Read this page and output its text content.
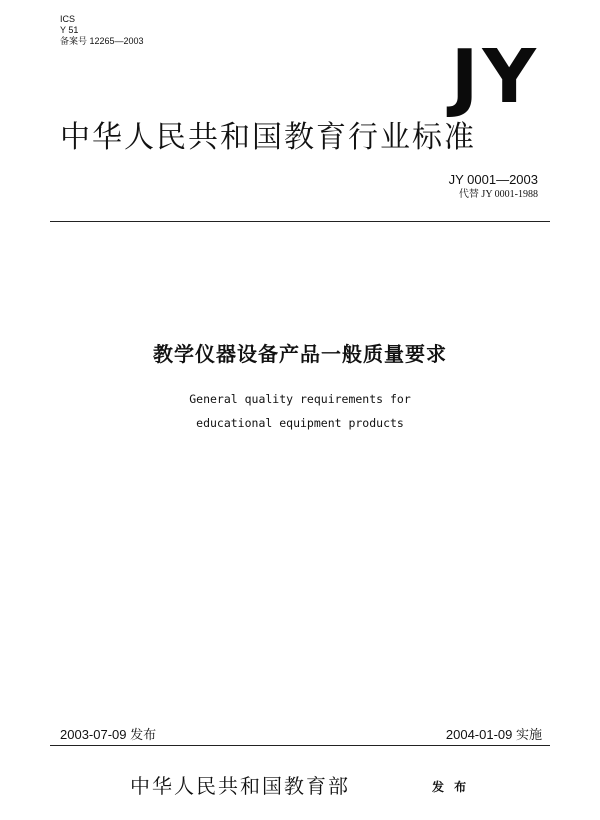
ICS
Y 51
备案号 12265—2003	JY
中华人民共和国教育行业标准
JY 0001—2003
代替 JY 0001-1988
教学仪器设备产品一般质量要求
General quality requirements for
educational equipment products
2003-07-09 发布	2004-01-09 实施
中华人民共和国教育部	发 布
